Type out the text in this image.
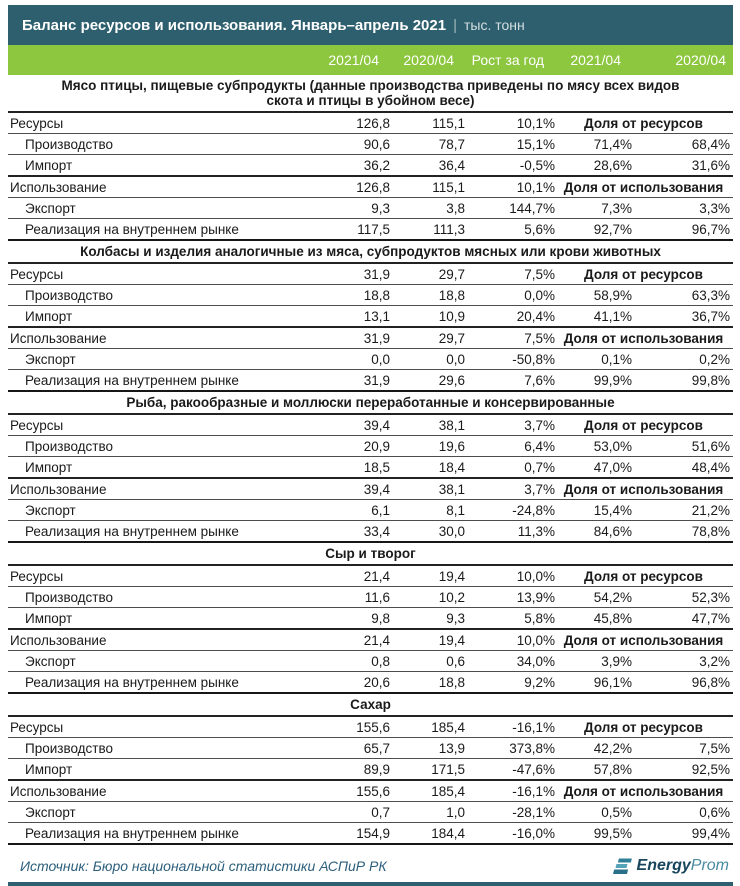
Баланс ресурсов и использования. Январь–апрель 2021 | тыс. тонн
	2021/04	2020/04	Рост за год	2021/04	2020/04
Мясо птицы, пищевые субпродукты (данные производства приведены по мясу всех видов скота и птицы в убойном весе)					
Ресурсы	126,8	115,1	10,1%	Доля от ресурсов	
Производство	90,6	78,7	15,1%	71,4%	68,4%
Импорт	36,2	36,4	-0,5%	28,6%	31,6%
Использование	126,8	115,1	10,1%	Доля от использования	
Экспорт	9,3	3,8	144,7%	7,3%	3,3%
Реализация на внутреннем рынке	117,5	111,3	5,6%	92,7%	96,7%
Колбасы и изделия аналогичные из мяса, субпродуктов мясных или крови животных					
Ресурсы	31,9	29,7	7,5%	Доля от ресурсов	
Производство	18,8	18,8	0,0%	58,9%	63,3%
Импорт	13,1	10,9	20,4%	41,1%	36,7%
Использование	31,9	29,7	7,5%	Доля от использования	
Экспорт	0,0	0,0	-50,8%	0,1%	0,2%
Реализация на внутреннем рынке	31,9	29,6	7,6%	99,9%	99,8%
Рыба, ракообразные и моллюски переработанные и консервированные					
Ресурсы	39,4	38,1	3,7%	Доля от ресурсов	
Производство	20,9	19,6	6,4%	53,0%	51,6%
Импорт	18,5	18,4	0,7%	47,0%	48,4%
Использование	39,4	38,1	3,7%	Доля от использования	
Экспорт	6,1	8,1	-24,8%	15,4%	21,2%
Реализация на внутреннем рынке	33,4	30,0	11,3%	84,6%	78,8%
Сыр и творог					
Ресурсы	21,4	19,4	10,0%	Доля от ресурсов	
Производство	11,6	10,2	13,9%	54,2%	52,3%
Импорт	9,8	9,3	5,8%	45,8%	47,7%
Использование	21,4	19,4	10,0%	Доля от использования	
Экспорт	0,8	0,6	34,0%	3,9%	3,2%
Реализация на внутреннем рынке	20,6	18,8	9,2%	96,1%	96,8%
Сахар					
Ресурсы	155,6	185,4	-16,1%	Доля от ресурсов	
Производство	65,7	13,9	373,8%	42,2%	7,5%
Импорт	89,9	171,5	-47,6%	57,8%	92,5%
Использование	155,6	185,4	-16,1%	Доля от использования	
Экспорт	0,7	1,0	-28,1%	0,5%	0,6%
Реализация на внутреннем рынке	154,9	184,4	-16,0%	99,5%	99,4%
Источник: Бюро национальной статистики АСПиР РК	Energy Prom
